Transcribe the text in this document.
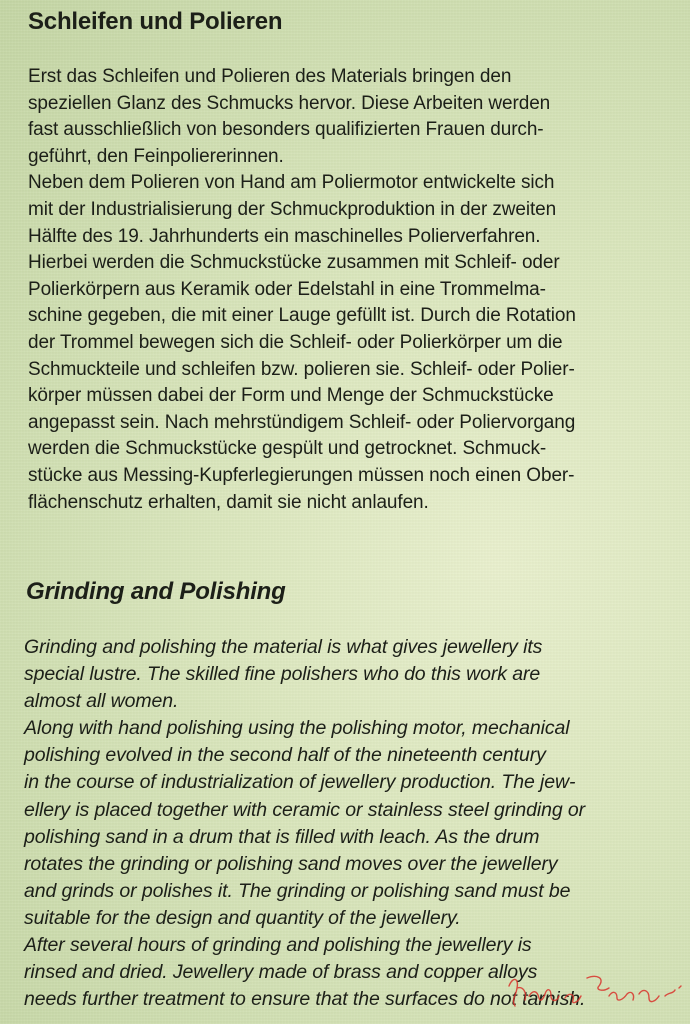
Schleifen und Polieren

Erst das Schleifen und Polieren des Materials bringen den
speziellen Glanz des Schmucks hervor. Diese Arbeiten werden
fast ausschließlich von besonders qualifizierten Frauen durch-
geführt, den Feinpoliererinnen.
Neben dem Polieren von Hand am Poliermotor entwickelte sich
mit der Industrialisierung der Schmuckproduktion in der zweiten
Hälfte des 19. Jahrhunderts ein maschinelles Polierverfahren.
Hierbei werden die Schmuckstücke zusammen mit Schleif- oder
Polierkörpern aus Keramik oder Edelstahl in eine Trommelma-
schine gegeben, die mit einer Lauge gefüllt ist. Durch die Rotation
der Trommel bewegen sich die Schleif- oder Polierkörper um die
Schmuckteile und schleifen bzw. polieren sie. Schleif- oder Polier-
körper müssen dabei der Form und Menge der Schmuckstücke
angepasst sein. Nach mehrstündigem Schleif- oder Poliervorgang
werden die Schmuckstücke gespült und getrocknet. Schmuck-
stücke aus Messing-Kupferlegierungen müssen noch einen Ober-
flächenschutz erhalten, damit sie nicht anlaufen.

Grinding and Polishing

Grinding and polishing the material is what gives jewellery its
special lustre. The skilled fine polishers who do this work are
almost all women.
Along with hand polishing using the polishing motor, mechanical
polishing evolved in the second half of the nineteenth century
in the course of industrialization of jewellery production. The jew-
ellery is placed together with ceramic or stainless steel grinding or
polishing sand in a drum that is filled with leach. As the drum
rotates the grinding or polishing sand moves over the jewellery
and grinds or polishes it. The grinding or polishing sand must be
suitable for the design and quantity of the jewellery.
After several hours of grinding and polishing the jewellery is
rinsed and dried. Jewellery made of brass and copper alloys
needs further treatment to ensure that the surfaces do not tarnish.
